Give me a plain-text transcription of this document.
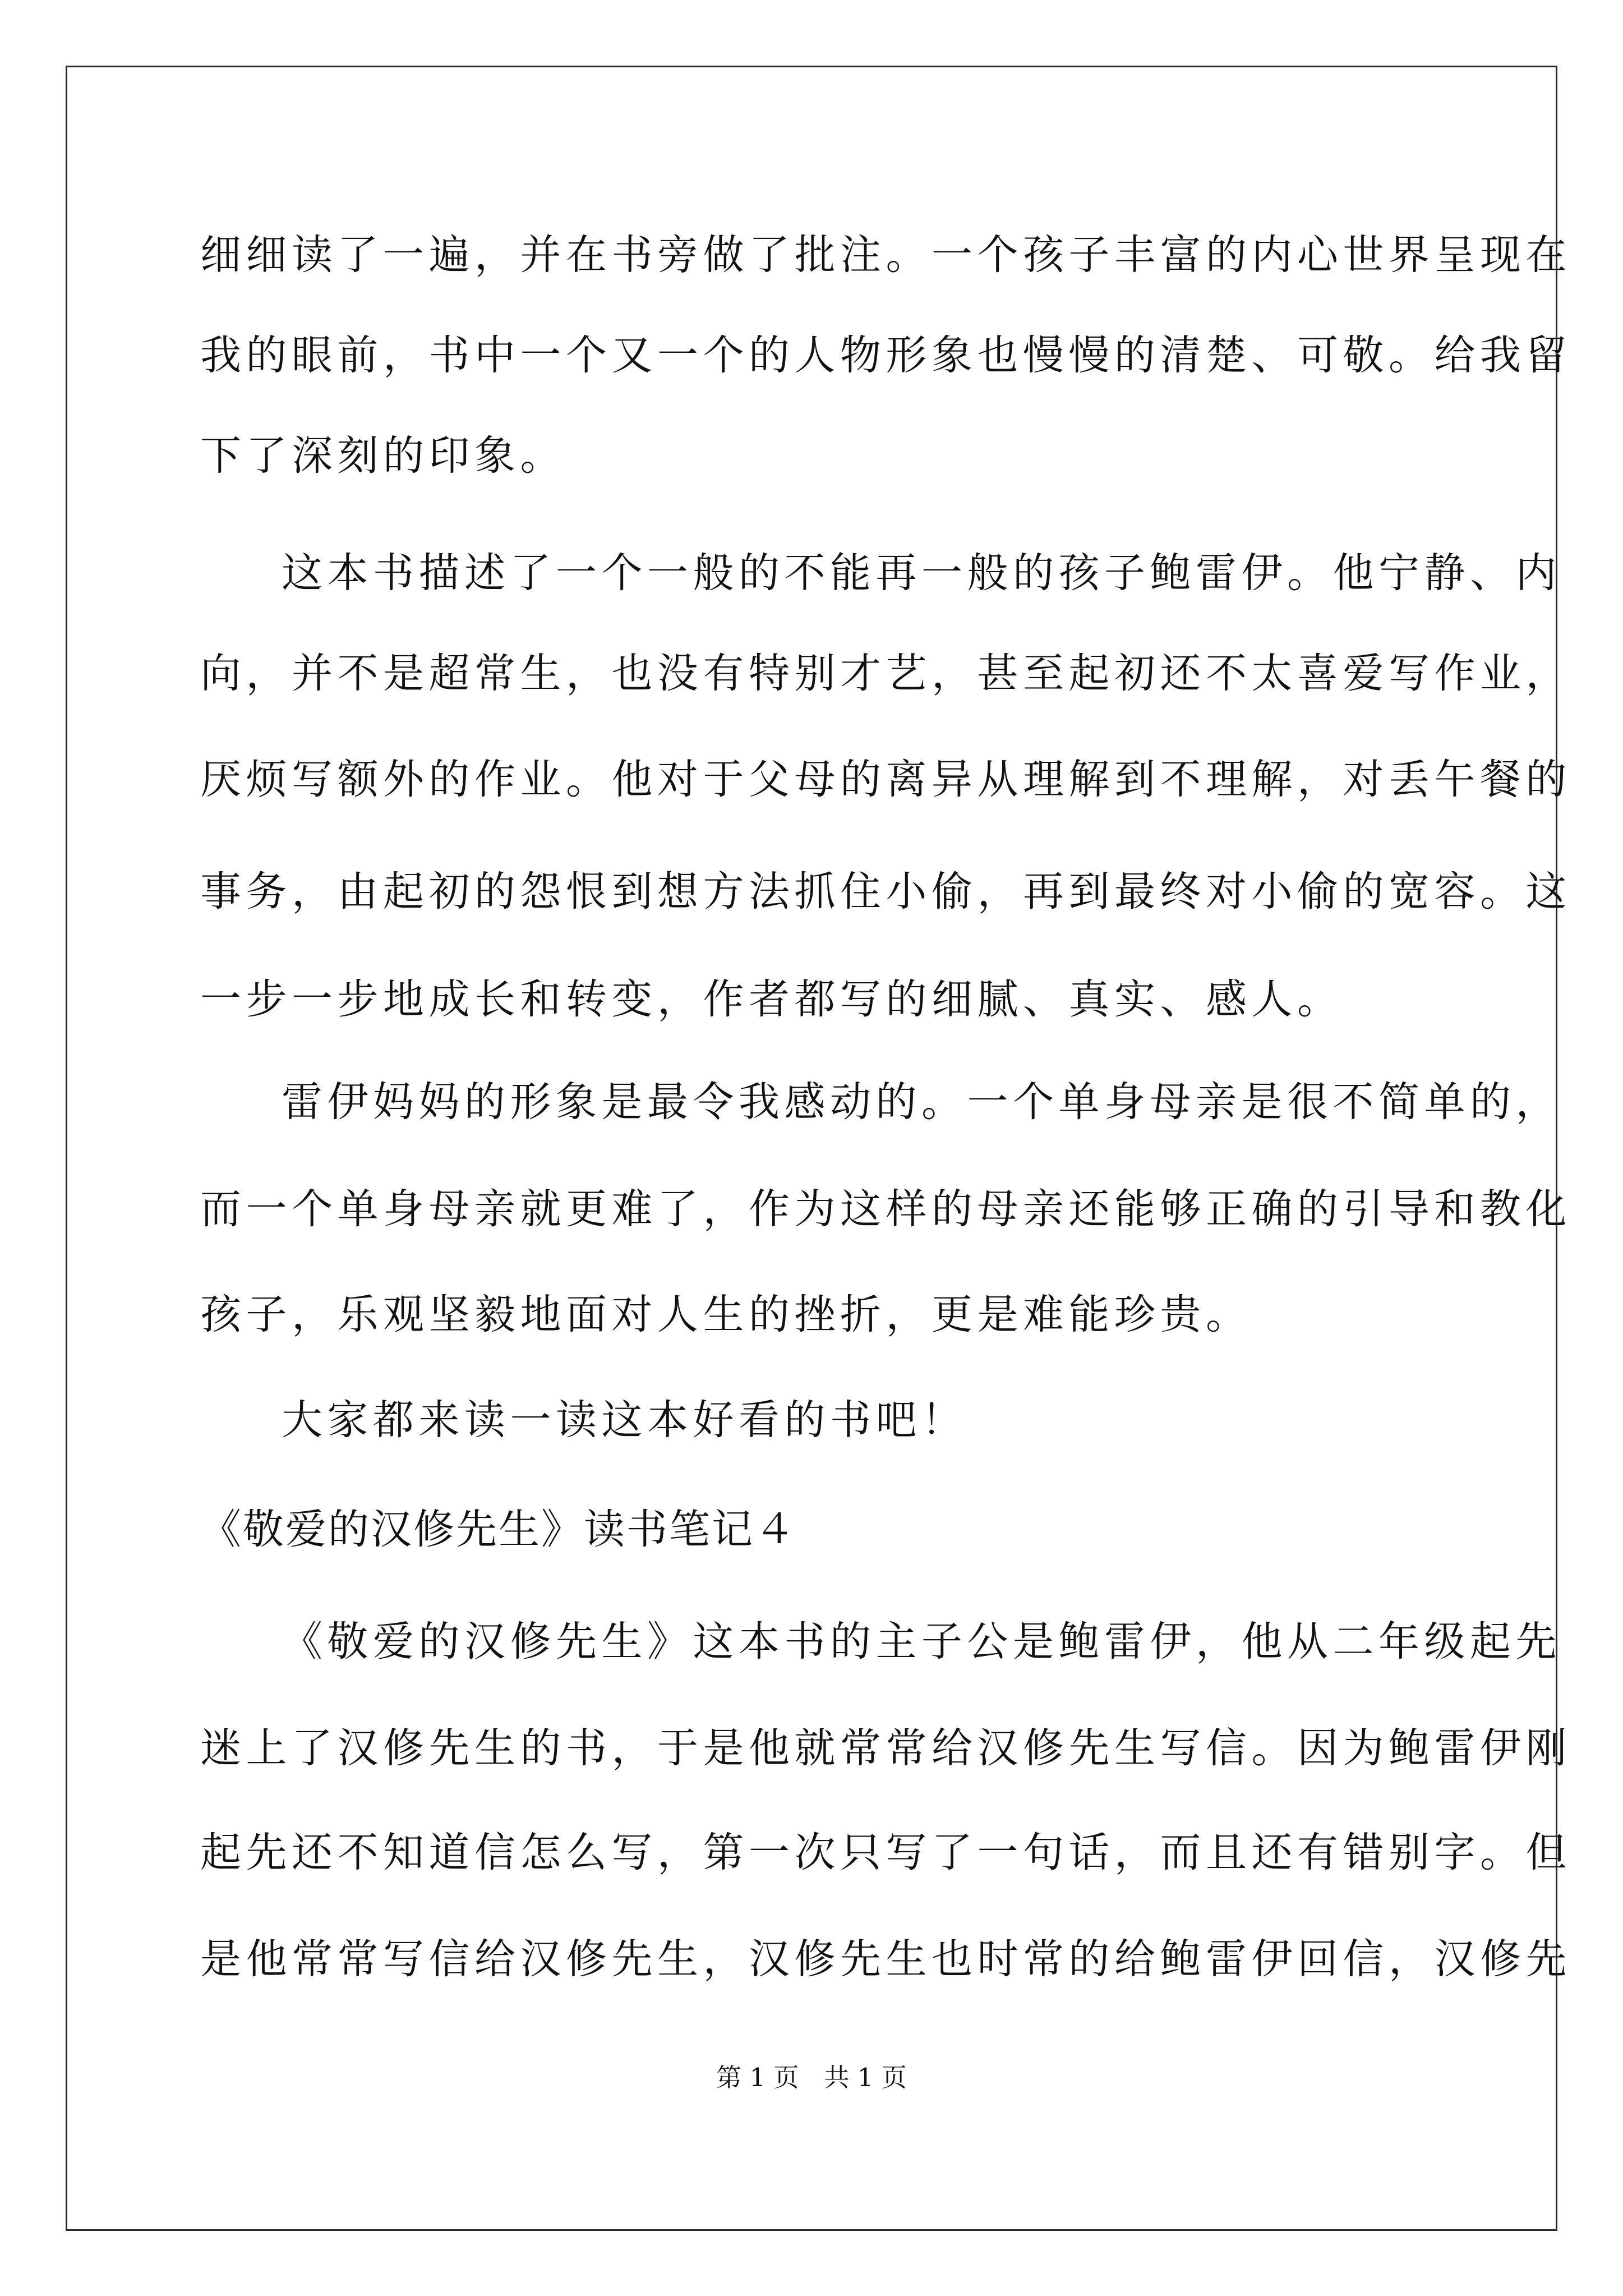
细细读了一遍，并在书旁做了批注。一个孩子丰富的内心世界呈现在
我的眼前，书中一个又一个的人物形象也慢慢的清楚、可敬。给我留
下了深刻的印象。
这本书描述了一个一般的不能再一般的孩子鲍雷伊。他宁静、内
向，并不是超常生，也没有特别才艺，甚至起初还不太喜爱写作业，
厌烦写额外的作业。他对于父母的离异从理解到不理解，对丢午餐的
事务，由起初的怨恨到想方法抓住小偷，再到最终对小偷的宽容。这
一步一步地成长和转变，作者都写的细腻、真实、感人。
雷伊妈妈的形象是最令我感动的。一个单身母亲是很不简单的，
而一个单身母亲就更难了，作为这样的母亲还能够正确的引导和教化
孩子，乐观坚毅地面对人生的挫折，更是难能珍贵。
大家都来读一读这本好看的书吧！
《敬爱的汉修先生》读书笔记４
《敬爱的汉修先生》这本书的主子公是鲍雷伊，他从二年级起先
迷上了汉修先生的书，于是他就常常给汉修先生写信。因为鲍雷伊刚
起先还不知道信怎么写，第一次只写了一句话，而且还有错别字。但
是他常常写信给汉修先生，汉修先生也时常的给鲍雷伊回信，汉修先
第 1 页　共 1 页
